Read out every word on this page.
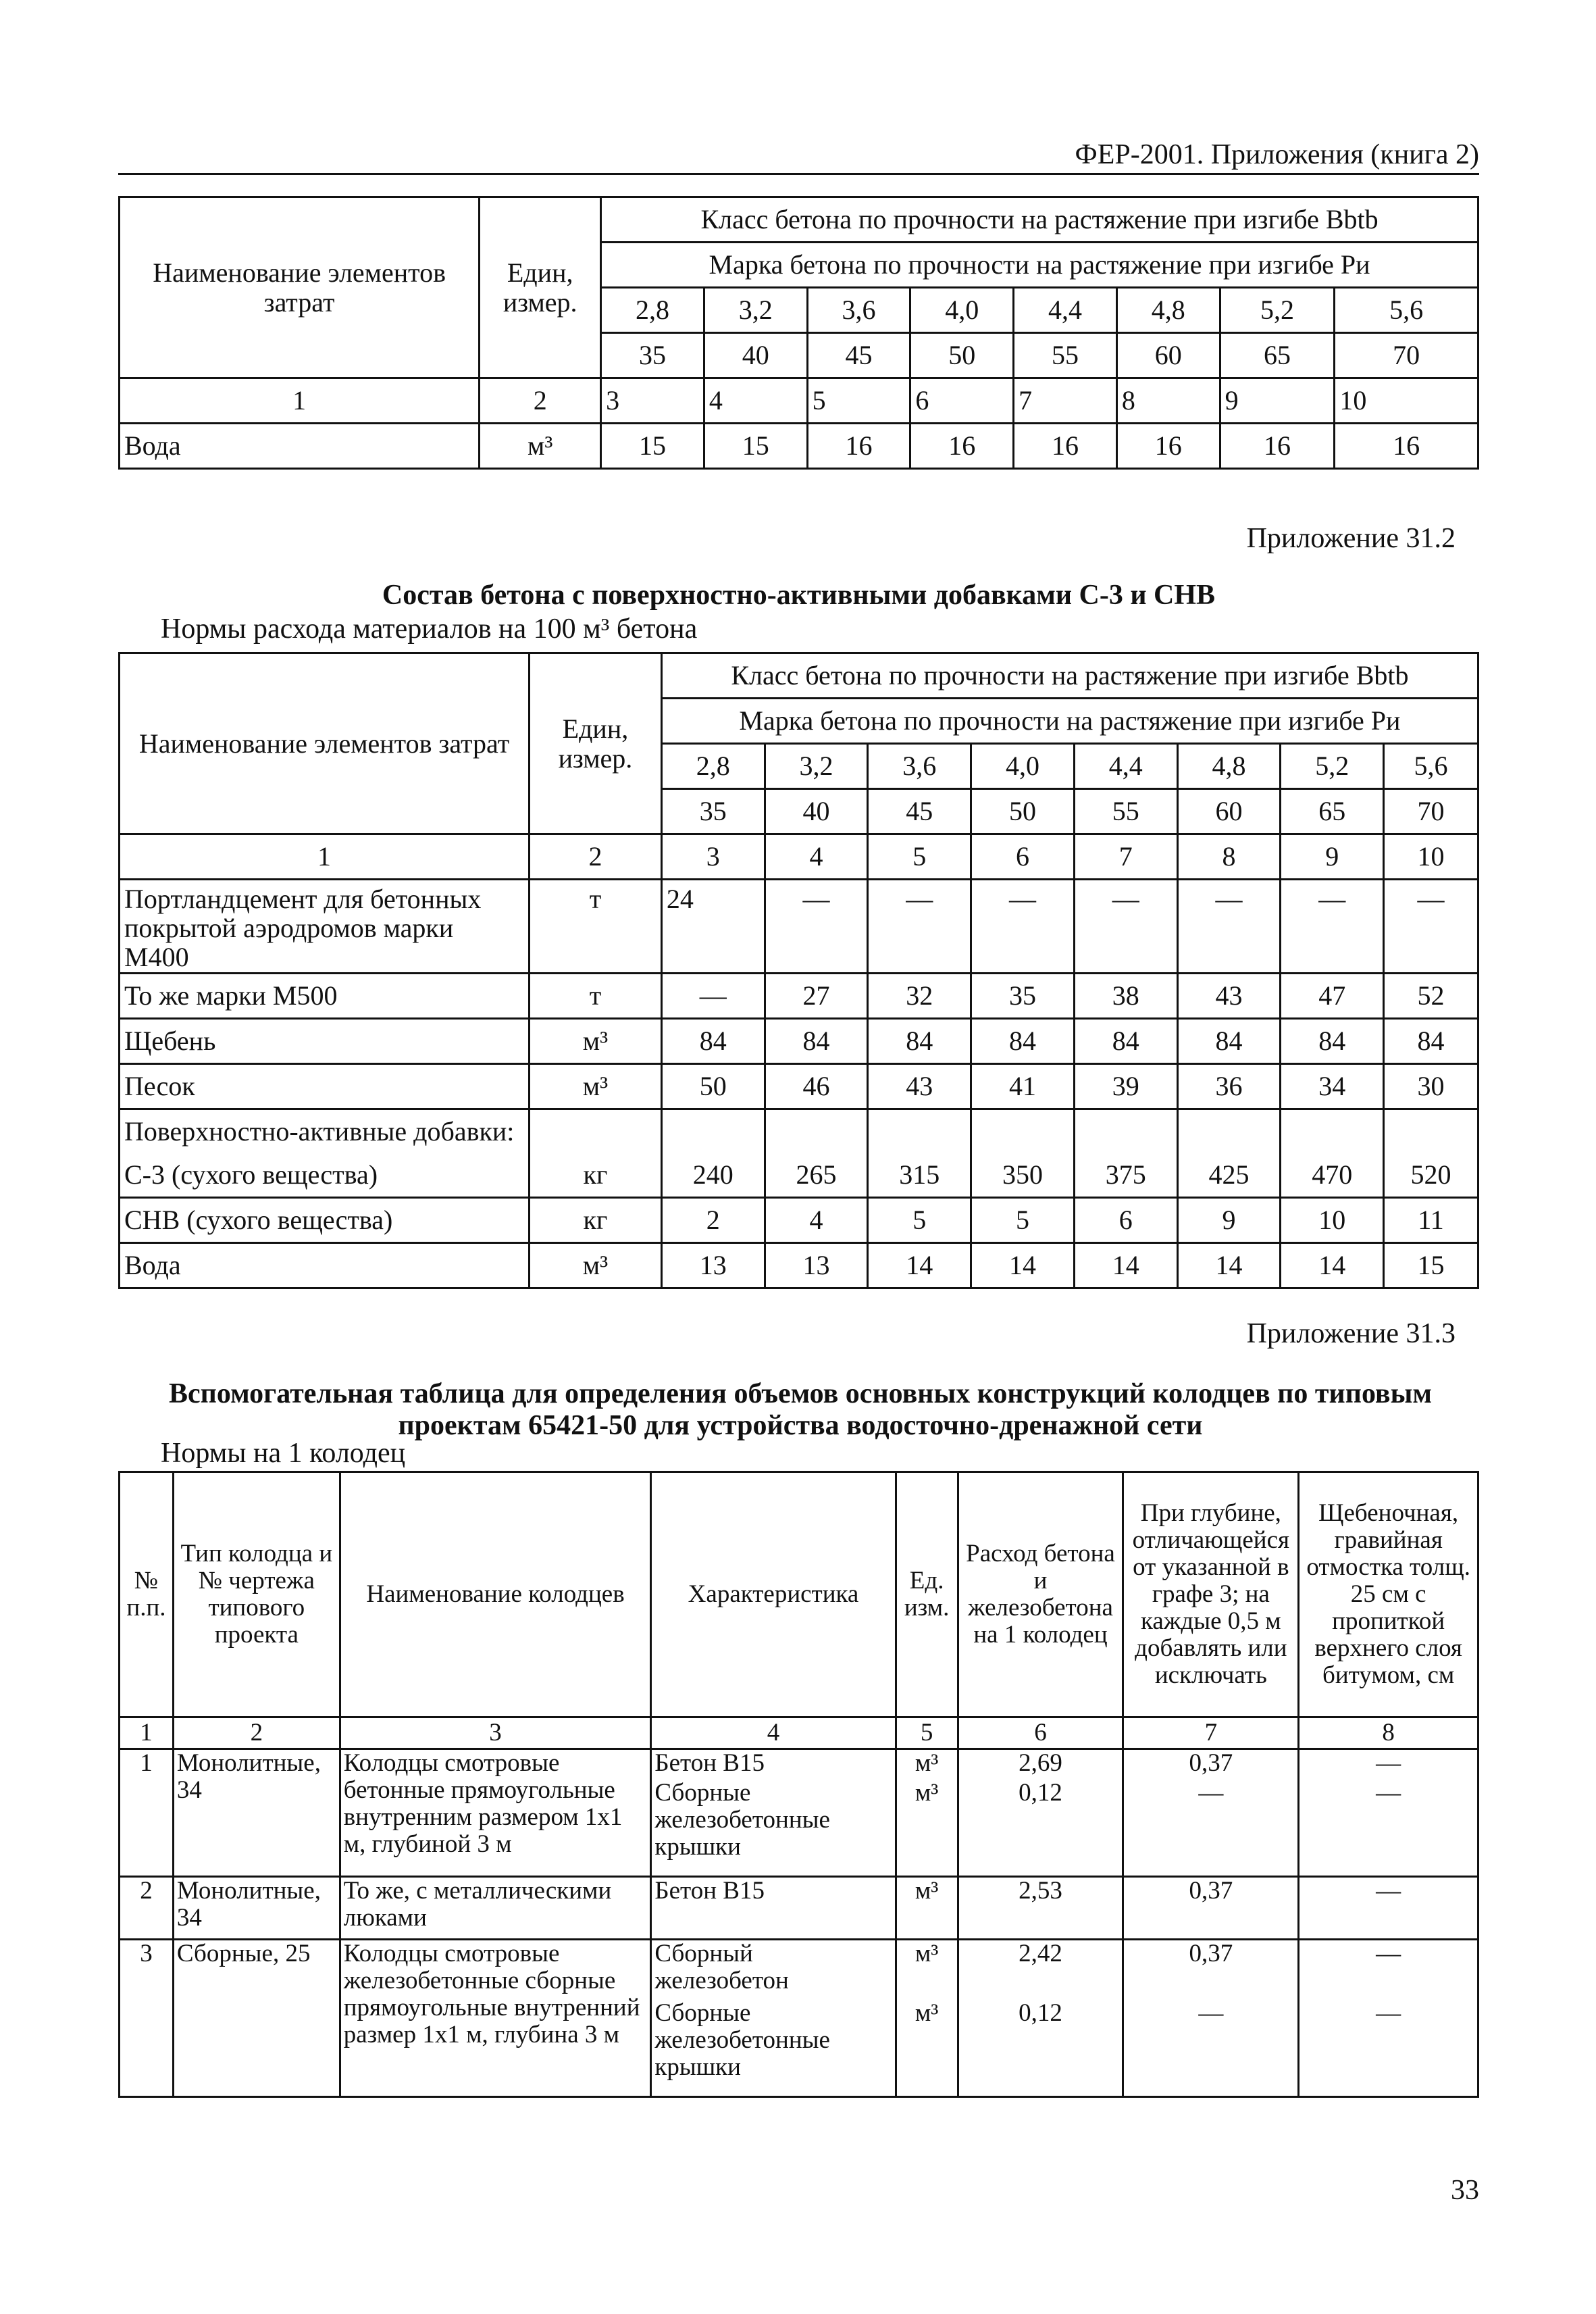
ФЕР-2001. Приложения (книга 2)
Наименование элементов затрат	Един, измер.	Класс бетона по прочности на растяжение при изгибе Bbtb							
		Марка бетона по прочности на растяжение при изгибе Ри							
		2,8	3,2	3,6	4,0	4,4	4,8	5,2	5,6
		35	40	45	50	55	60	65	70
1	2	3	4	5	6	7	8	9	10
Вода	м³	15	15	16	16	16	16	16	16
Приложение 31.2
Состав бетона с поверхностно-активными добавками С-3 и СНВ
Нормы расхода материалов на 100 м³ бетона
Наименование элементов затрат	Един, измер.	Класс бетона по прочности на растяжение при изгибе Bbtb							
		Марка бетона по прочности на растяжение при изгибе Ри							
		2,8	3,2	3,6	4,0	4,4	4,8	5,2	5,6
		35	40	45	50	55	60	65	70
1	2	3	4	5	6	7	8	9	10
Портландцемент для бетонных покрытой аэродромов марки М400	т	24	—	—	—	—	—	—	—
То же марки М500	т	—	27	32	35	38	43	47	52
Щебень	м³	84	84	84	84	84	84	84	84
Песок	м³	50	46	43	41	39	36	34	30
Поверхностно-активные добавки:									
С-3 (сухого вещества)	кг	240	265	315	350	375	425	470	520
СНВ (сухого вещества)	кг	2	4	5	5	6	9	10	11
Вода	м³	13	13	14	14	14	14	14	15
Приложение 31.3
Вспомогательная таблица для определения объемов основных конструкций колодцев по типовым проектам 65421-50 для устройства водосточно-дренажной сети
Нормы на 1 колодец
№ п.п.	Тип колодца и № чертежа типового проекта	Наименование колодцев	Характеристика	Ед. изм.	Расход бетона и железобетона на 1 колодец	При глубине, отличающейся от указанной в графе 3; на каждые 0,5 м добавлять или исключать	Щебеночная, гравийная отмостка толщ. 25 см с пропиткой верхнего слоя битумом, см
1	2	3	4	5	6	7	8
1	Монолитные, 34	Колодцы смотровые бетонные прямоугольные внутренним размером 1x1 м, глубиной 3 м	Бетон В15	м³	2,69	0,37	—
			Сборные железобетонные крышки	м³	0,12	—	—
2	Монолитные, 34	То же, с металлическими люками	Бетон В15	м³	2,53	0,37	—
3	Сборные, 25	Колодцы смотровые железобетонные сборные прямоугольные внутренний размер 1x1 м, глубина 3 м	Сборный железобетон	м³	2,42	0,37	—
			Сборные железобетонные крышки	м³	0,12	—	—
33
